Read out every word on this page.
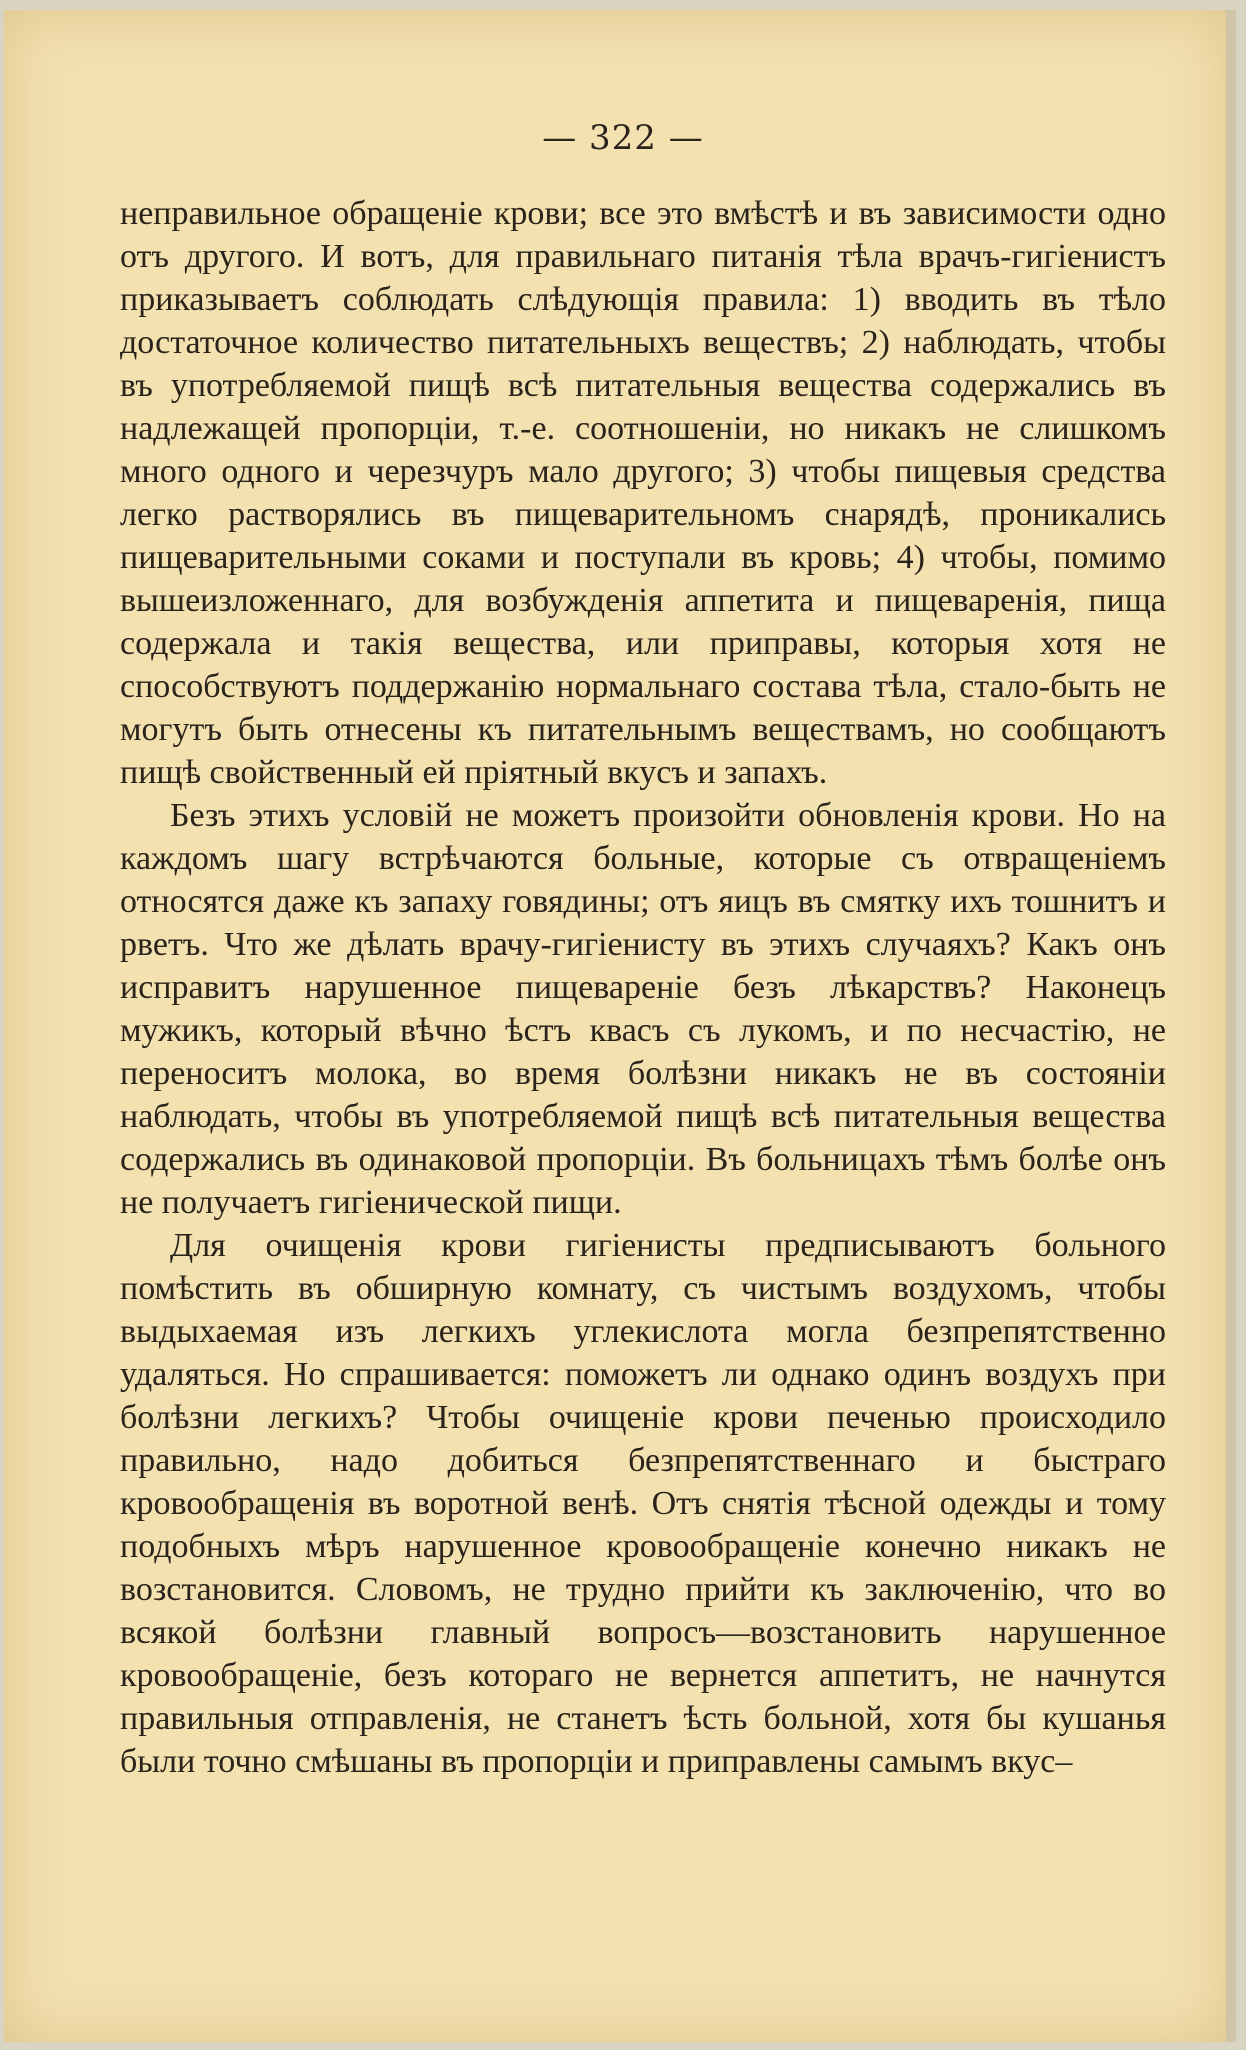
— 322 —

неправильное обращеніе крови; все это вмѣстѣ и въ зависимости одно отъ другого. И вотъ, для правильнаго питанія тѣла врачъ-гигіенистъ приказываетъ соблюдать слѣдующія правила: 1) вводить въ тѣло достаточное количество питательныхъ веществъ; 2) наблюдать, чтобы въ употребляемой пищѣ всѣ питательныя вещества содержались въ надлежащей пропорціи, т.-е. соотношеніи, но никакъ не слишкомъ много одного и черезчуръ мало другого; 3) чтобы пищевыя средства легко растворялись въ пищеварительномъ снарядѣ, проникались пищеварительными соками и поступали въ кровь; 4) чтобы, помимо вышеизложеннаго, для возбужденія аппетита и пищеваренія, пища содержала и такія вещества, или приправы, которыя хотя не способствуютъ поддержанію нормальнаго состава тѣла, стало-быть не могутъ быть отнесены къ питательнымъ веществамъ, но сообщаютъ пищѣ свойственный ей пріятный вкусъ и запахъ.

Безъ этихъ условій не можетъ произойти обновленія крови. Но на каждомъ шагу встрѣчаются больные, которые съ отвращеніемъ относятся даже къ запаху говядины; отъ яицъ въ смятку ихъ тошнитъ и рветъ. Что же дѣлать врачу-гигіенисту въ этихъ случаяхъ? Какъ онъ исправитъ нарушенное пищевареніе безъ лѣкарствъ? Наконецъ мужикъ, который вѣчно ѣстъ квасъ съ лукомъ, и по несчастію, не переноситъ молока, во время болѣзни никакъ не въ состояніи наблюдать, чтобы въ употребляемой пищѣ всѣ питательныя вещества содержались въ одинаковой пропорціи. Въ больницахъ тѣмъ болѣе онъ не получаетъ гигіенической пищи.

Для очищенія крови гигіенисты предписываютъ больного помѣстить въ обширную комнату, съ чистымъ воздухомъ, чтобы выдыхаемая изъ легкихъ углекислота могла безпрепятственно удаляться. Но спрашивается: поможетъ ли однако одинъ воздухъ при болѣзни легкихъ? Чтобы очищеніе крови печенью происходило правильно, надо добиться безпрепятственнаго и быстраго кровообращенія въ воротной венѣ. Отъ снятія тѣсной одежды и тому подобныхъ мѣръ нарушенное кровообращеніе конечно никакъ не возстановится. Словомъ, не трудно прийти къ заключенію, что во всякой болѣзни главный вопросъ—возстановить нарушенное кровообращеніе, безъ котораго не вернется аппетитъ, не начнутся правильныя отправленія, не станетъ ѣсть больной, хотя бы кушанья были точно смѣшаны въ пропорціи и приправлены самымъ вкус–
